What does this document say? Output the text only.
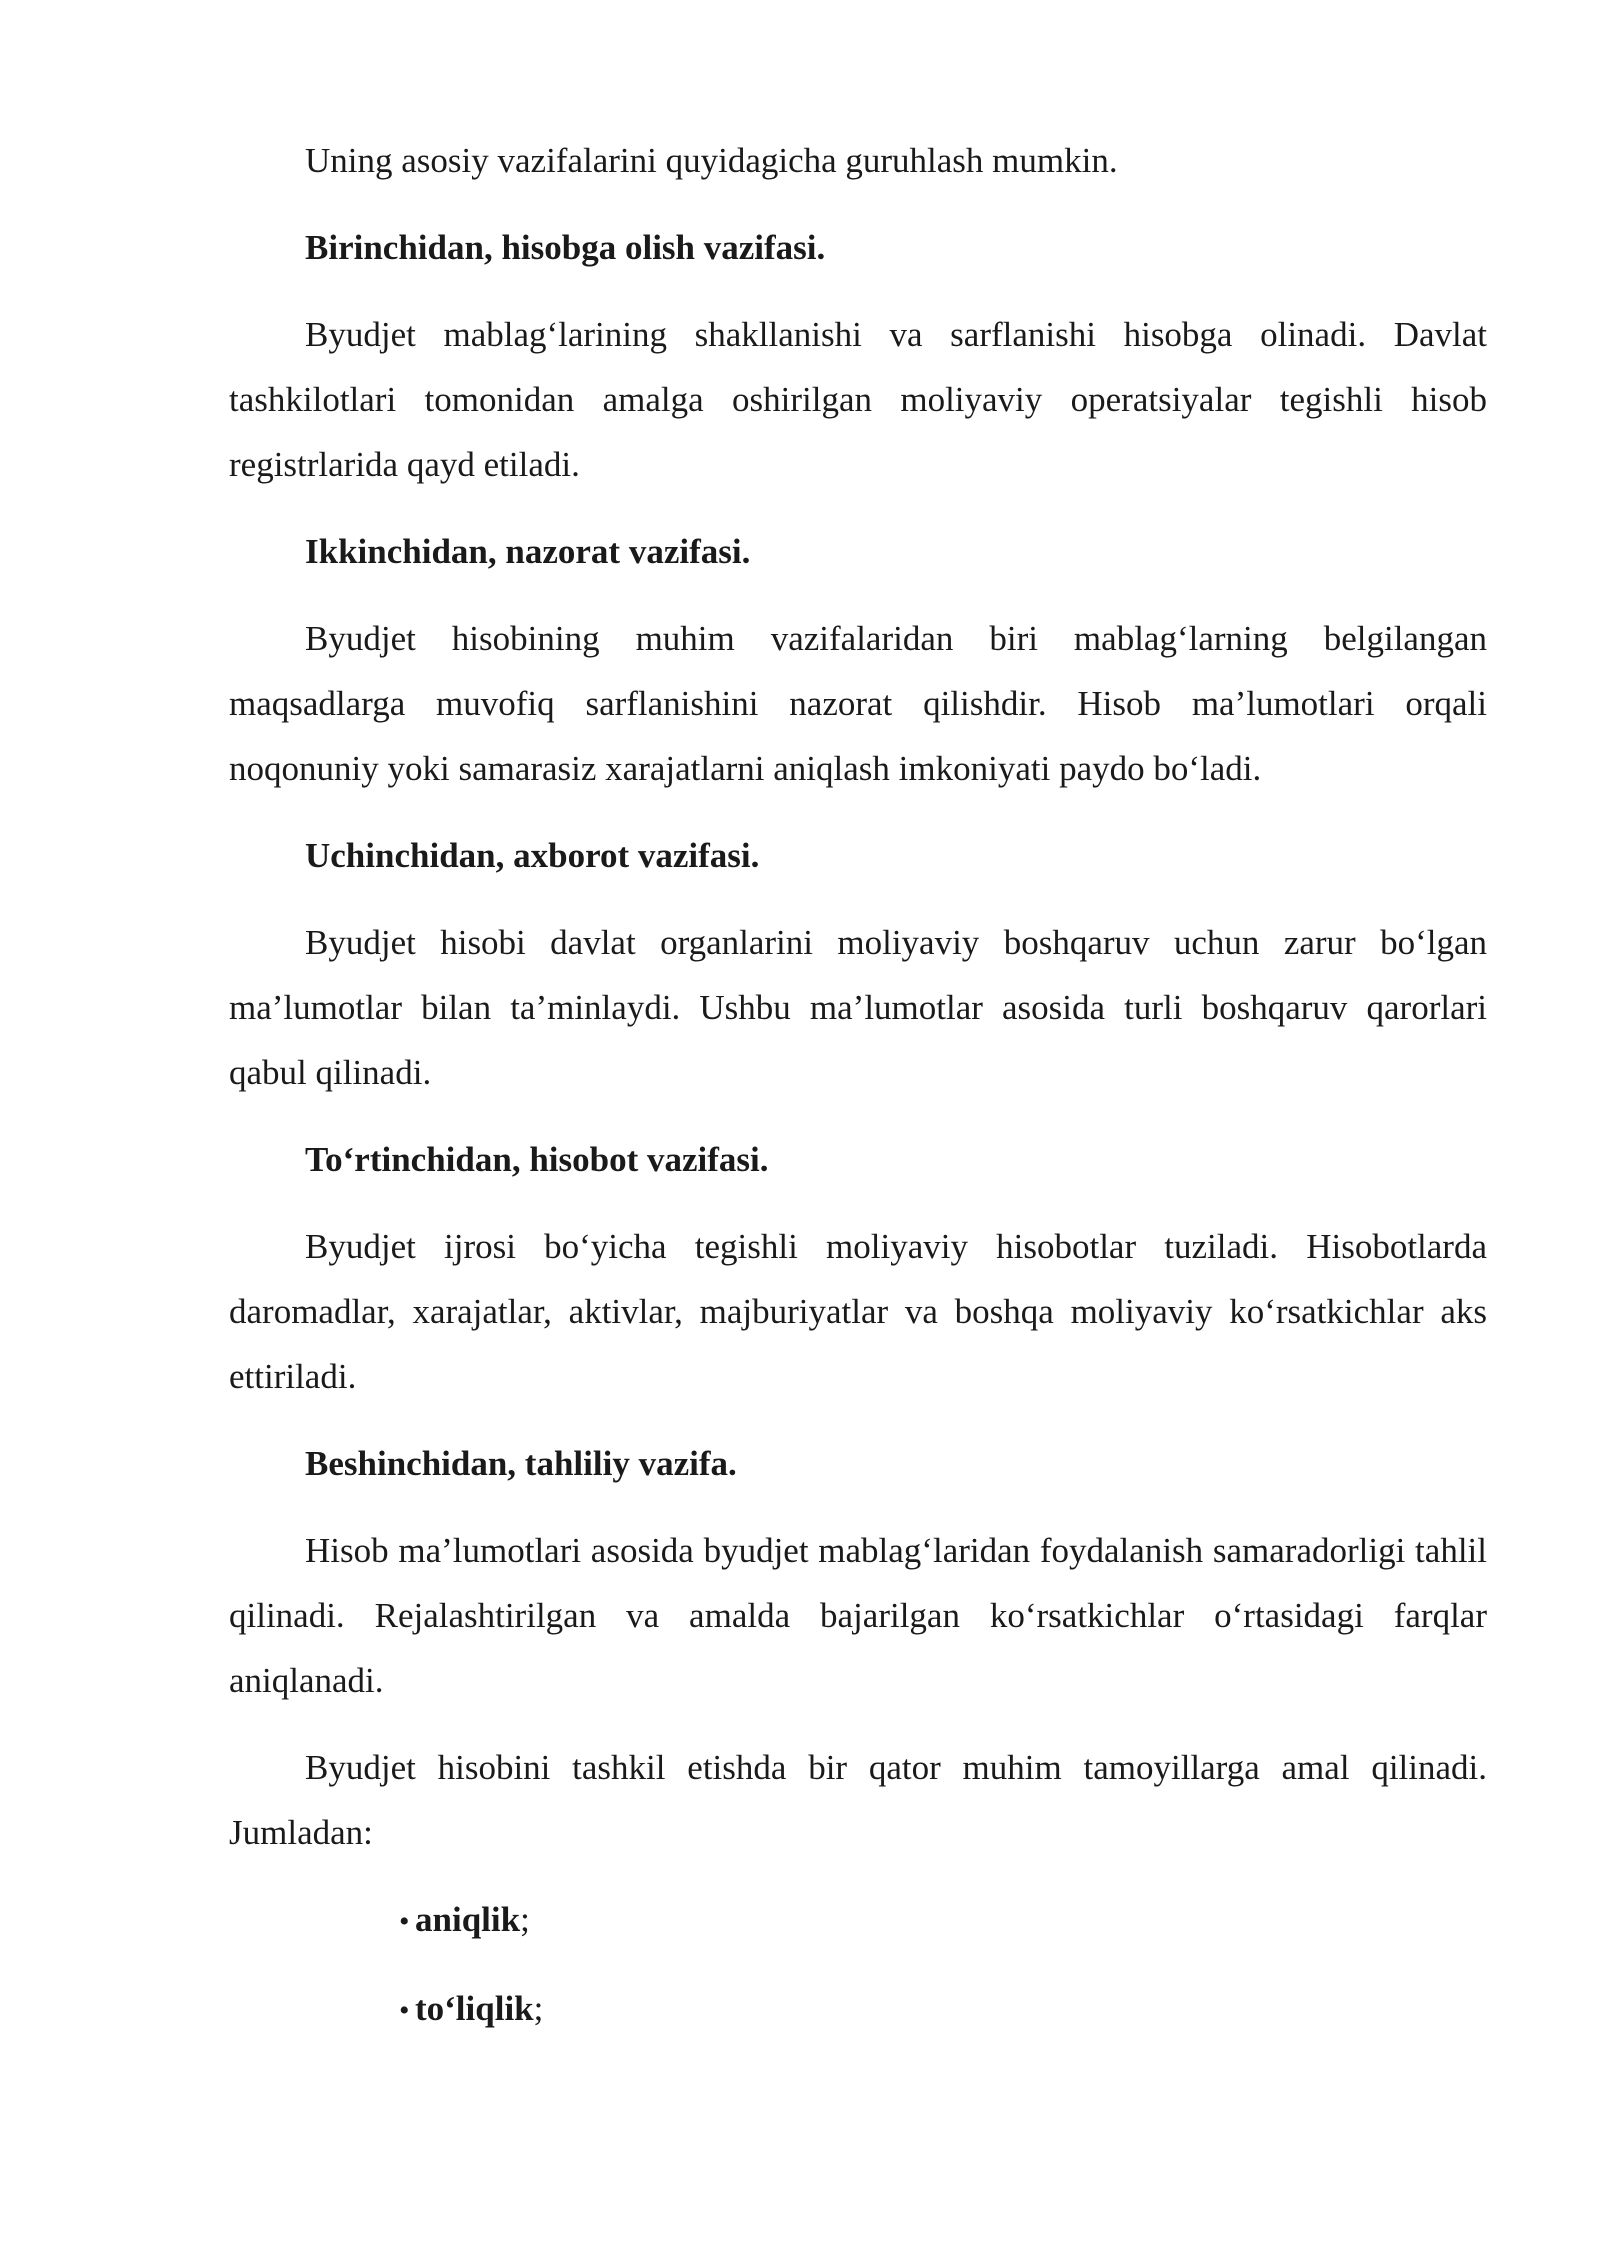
Uning asosiy vazifalarini quyidagicha guruhlash mumkin.

Birinchidan, hisobga olish vazifasi.

Byudjet mablag‘larining shakllanishi va sarflanishi hisobga olinadi. Davlat tashkilotlari tomonidan amalga oshirilgan moliyaviy operatsiyalar tegishli hisob registrlarida qayd etiladi.

Ikkinchidan, nazorat vazifasi.

Byudjet hisobining muhim vazifalaridan biri mablag‘larning belgilangan maqsadlarga muvofiq sarflanishini nazorat qilishdir. Hisob ma’lumotlari orqali noqonuniy yoki samarasiz xarajatlarni aniqlash imkoniyati paydo bo‘ladi.

Uchinchidan, axborot vazifasi.

Byudjet hisobi davlat organlarini moliyaviy boshqaruv uchun zarur bo‘lgan ma’lumotlar bilan ta’minlaydi. Ushbu ma’lumotlar asosida turli boshqaruv qarorlari qabul qilinadi.

To‘rtinchidan, hisobot vazifasi.

Byudjet ijrosi bo‘yicha tegishli moliyaviy hisobotlar tuziladi. Hisobotlarda daromadlar, xarajatlar, aktivlar, majburiyatlar va boshqa moliyaviy ko‘rsatkichlar aks ettiriladi.

Beshinchidan, tahliliy vazifa.

Hisob ma’lumotlari asosida byudjet mablag‘laridan foydalanish samaradorligi tahlil qilinadi. Rejalashtirilgan va amalda bajarilgan ko‘rsatkichlar o‘rtasidagi farqlar aniqlanadi.

Byudjet hisobini tashkil etishda bir qator muhim tamoyillarga amal qilinadi. Jumladan:

• aniqlik;
• to‘liqlik;
